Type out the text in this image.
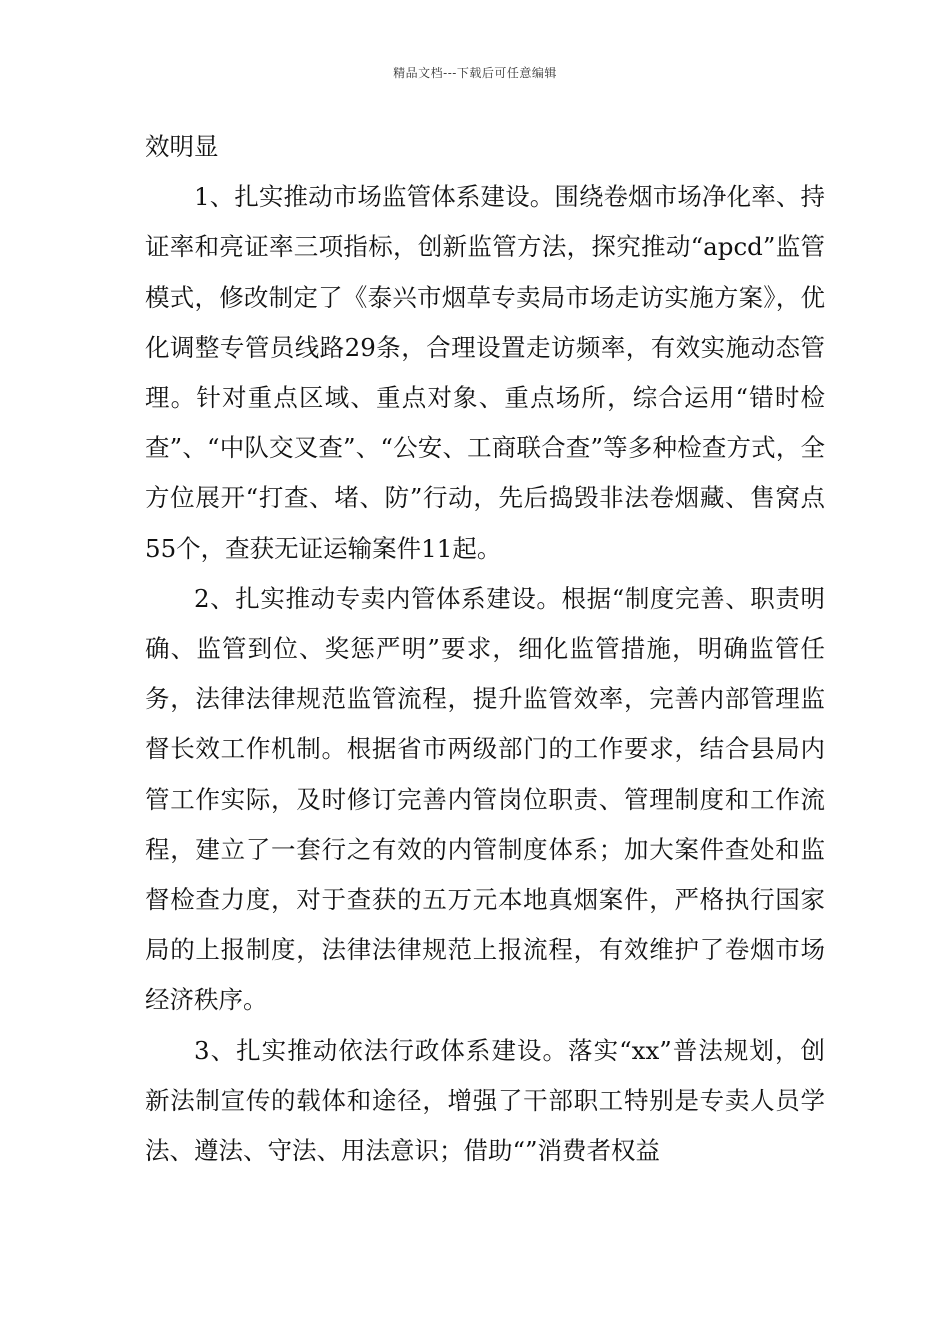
精品文档---下载后可任意编辑

效明显

1、扎实推动市场监管体系建设。围绕卷烟市场净化率、持证率和亮证率三项指标，创新监管方法，探究推动“apcd”监管模式，修改制定了《泰兴市烟草专卖局市场走访实施方案》，优化调整专管员线路29条，合理设置走访频率，有效实施动态管理。针对重点区域、重点对象、重点场所，综合运用“错时检查”、“中队交叉查”、“公安、工商联合查”等多种检查方式，全方位展开“打查、堵、防”行动，先后捣毁非法卷烟藏、售窝点55个，查获无证运输案件11起。

2、扎实推动专卖内管体系建设。根据“制度完善、职责明确、监管到位、奖惩严明”要求，细化监管措施，明确监管任务，法律法律规范监管流程，提升监管效率，完善内部管理监督长效工作机制。根据省市两级部门的工作要求，结合县局内管工作实际，及时修订完善内管岗位职责、管理制度和工作流程，建立了一套行之有效的内管制度体系；加大案件查处和监督检查力度，对于查获的五万元本地真烟案件，严格执行国家局的上报制度，法律法律规范上报流程，有效维护了卷烟市场经济秩序。

3、扎实推动依法行政体系建设。落实“xx”普法规划，创新法制宣传的载体和途径，增强了干部职工特别是专卖人员学法、遵法、守法、用法意识；借助“”消费者权益
